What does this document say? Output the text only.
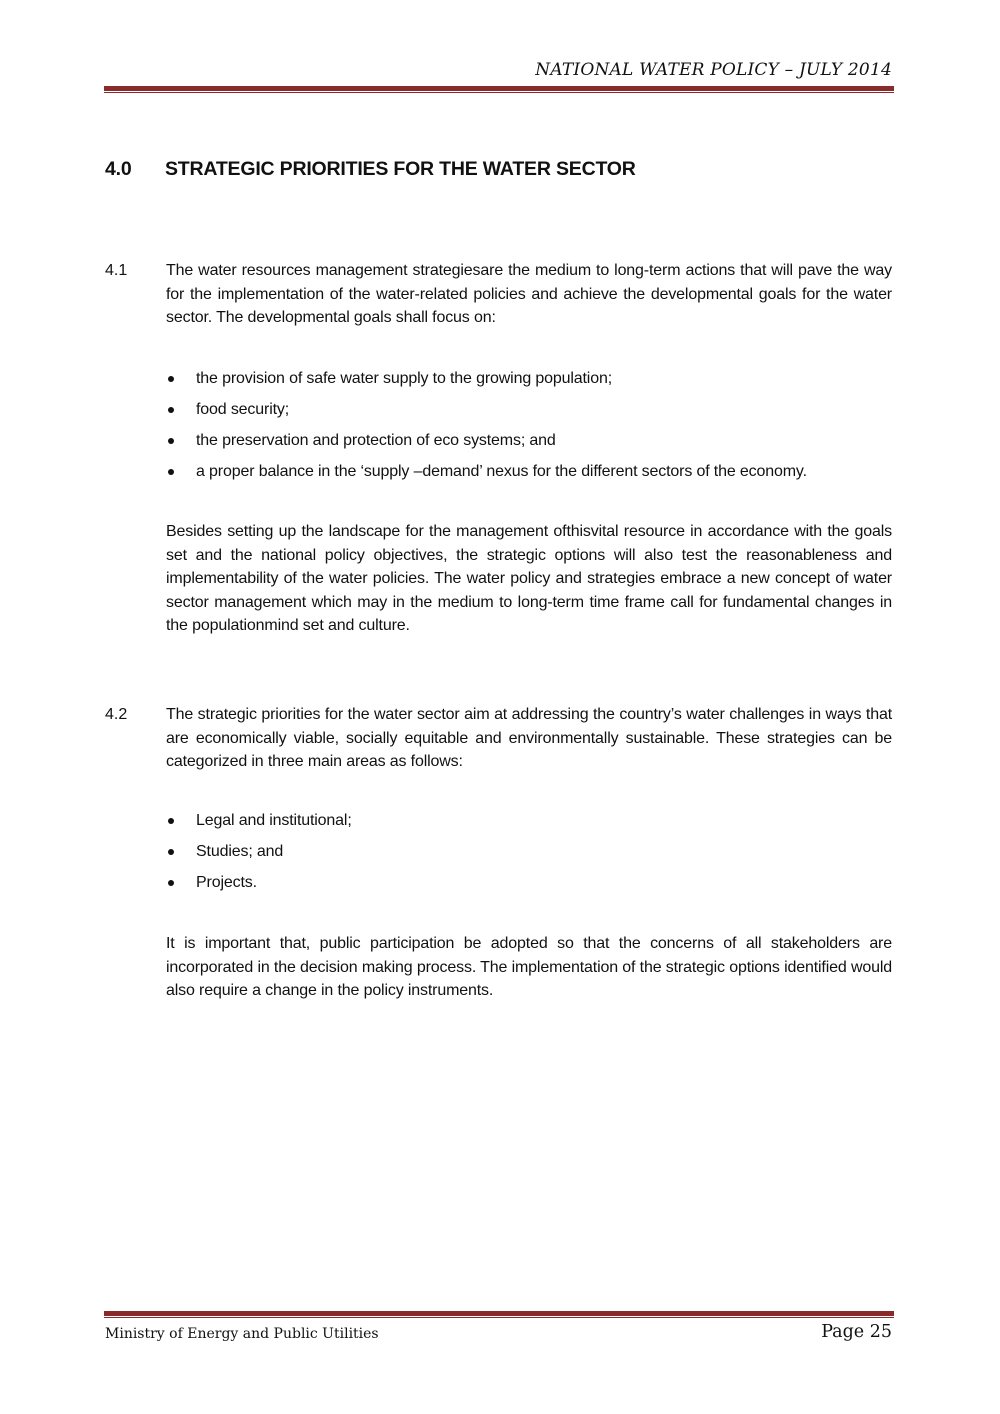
NATIONAL WATER POLICY – JULY 2014
4.0 STRATEGIC PRIORITIES FOR THE WATER SECTOR
4.1 The water resources management strategiesare the medium to long-term actions that will pave the way for the implementation of the water-related policies and achieve the developmental goals for the water sector. The developmental goals shall focus on:
the provision of safe water supply to the growing population;
food security;
the preservation and protection of eco systems; and
a proper balance in the ‘supply –demand’ nexus for the different sectors of the economy.
Besides setting up the landscape for the management ofthisvital resource in accordance with the goals set and the national policy objectives, the strategic options will also test the reasonableness and implementability of the water policies. The water policy and strategies embrace a new concept of water sector management which may in the medium to long-term time frame call for fundamental changes in the populationmind set and culture.
4.2 The strategic priorities for the water sector aim at addressing the country’s water challenges in ways that are economically viable, socially equitable and environmentally sustainable. These strategies can be categorized in three main areas as follows:
Legal and institutional;
Studies; and
Projects.
It is important that, public participation be adopted so that the concerns of all stakeholders are incorporated in the decision making process. The implementation of the strategic options identified would also require a change in the policy instruments.
Ministry of Energy and Public Utilities	Page 25
